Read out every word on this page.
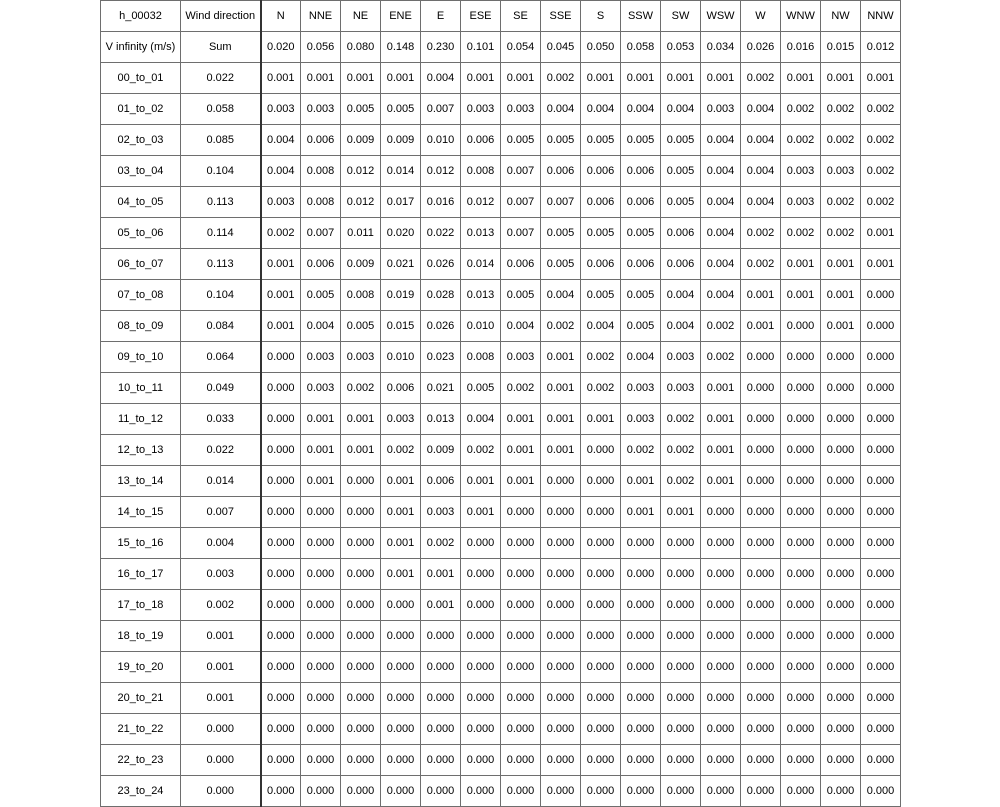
h_00032	Wind direction	N	NNE	NE	ENE	E	ESE	SE	SSE	S	SSW	SW	WSW	W	WNW	NW	NNW
V infinity (m/s)	Sum	0.020	0.056	0.080	0.148	0.230	0.101	0.054	0.045	0.050	0.058	0.053	0.034	0.026	0.016	0.015	0.012
00_to_01	0.022	0.001	0.001	0.001	0.001	0.004	0.001	0.001	0.002	0.001	0.001	0.001	0.001	0.002	0.001	0.001	0.001
01_to_02	0.058	0.003	0.003	0.005	0.005	0.007	0.003	0.003	0.004	0.004	0.004	0.004	0.003	0.004	0.002	0.002	0.002
02_to_03	0.085	0.004	0.006	0.009	0.009	0.010	0.006	0.005	0.005	0.005	0.005	0.005	0.004	0.004	0.002	0.002	0.002
03_to_04	0.104	0.004	0.008	0.012	0.014	0.012	0.008	0.007	0.006	0.006	0.006	0.005	0.004	0.004	0.003	0.003	0.002
04_to_05	0.113	0.003	0.008	0.012	0.017	0.016	0.012	0.007	0.007	0.006	0.006	0.005	0.004	0.004	0.003	0.002	0.002
05_to_06	0.114	0.002	0.007	0.011	0.020	0.022	0.013	0.007	0.005	0.005	0.005	0.006	0.004	0.002	0.002	0.002	0.001
06_to_07	0.113	0.001	0.006	0.009	0.021	0.026	0.014	0.006	0.005	0.006	0.006	0.006	0.004	0.002	0.001	0.001	0.001
07_to_08	0.104	0.001	0.005	0.008	0.019	0.028	0.013	0.005	0.004	0.005	0.005	0.004	0.004	0.001	0.001	0.001	0.000
08_to_09	0.084	0.001	0.004	0.005	0.015	0.026	0.010	0.004	0.002	0.004	0.005	0.004	0.002	0.001	0.000	0.001	0.000
09_to_10	0.064	0.000	0.003	0.003	0.010	0.023	0.008	0.003	0.001	0.002	0.004	0.003	0.002	0.000	0.000	0.000	0.000
10_to_11	0.049	0.000	0.003	0.002	0.006	0.021	0.005	0.002	0.001	0.002	0.003	0.003	0.001	0.000	0.000	0.000	0.000
11_to_12	0.033	0.000	0.001	0.001	0.003	0.013	0.004	0.001	0.001	0.001	0.003	0.002	0.001	0.000	0.000	0.000	0.000
12_to_13	0.022	0.000	0.001	0.001	0.002	0.009	0.002	0.001	0.001	0.000	0.002	0.002	0.001	0.000	0.000	0.000	0.000
13_to_14	0.014	0.000	0.001	0.000	0.001	0.006	0.001	0.001	0.000	0.000	0.001	0.002	0.001	0.000	0.000	0.000	0.000
14_to_15	0.007	0.000	0.000	0.000	0.001	0.003	0.001	0.000	0.000	0.000	0.001	0.001	0.000	0.000	0.000	0.000	0.000
15_to_16	0.004	0.000	0.000	0.000	0.001	0.002	0.000	0.000	0.000	0.000	0.000	0.000	0.000	0.000	0.000	0.000	0.000
16_to_17	0.003	0.000	0.000	0.000	0.001	0.001	0.000	0.000	0.000	0.000	0.000	0.000	0.000	0.000	0.000	0.000	0.000
17_to_18	0.002	0.000	0.000	0.000	0.000	0.001	0.000	0.000	0.000	0.000	0.000	0.000	0.000	0.000	0.000	0.000	0.000
18_to_19	0.001	0.000	0.000	0.000	0.000	0.000	0.000	0.000	0.000	0.000	0.000	0.000	0.000	0.000	0.000	0.000	0.000
19_to_20	0.001	0.000	0.000	0.000	0.000	0.000	0.000	0.000	0.000	0.000	0.000	0.000	0.000	0.000	0.000	0.000	0.000
20_to_21	0.001	0.000	0.000	0.000	0.000	0.000	0.000	0.000	0.000	0.000	0.000	0.000	0.000	0.000	0.000	0.000	0.000
21_to_22	0.000	0.000	0.000	0.000	0.000	0.000	0.000	0.000	0.000	0.000	0.000	0.000	0.000	0.000	0.000	0.000	0.000
22_to_23	0.000	0.000	0.000	0.000	0.000	0.000	0.000	0.000	0.000	0.000	0.000	0.000	0.000	0.000	0.000	0.000	0.000
23_to_24	0.000	0.000	0.000	0.000	0.000	0.000	0.000	0.000	0.000	0.000	0.000	0.000	0.000	0.000	0.000	0.000	0.000
